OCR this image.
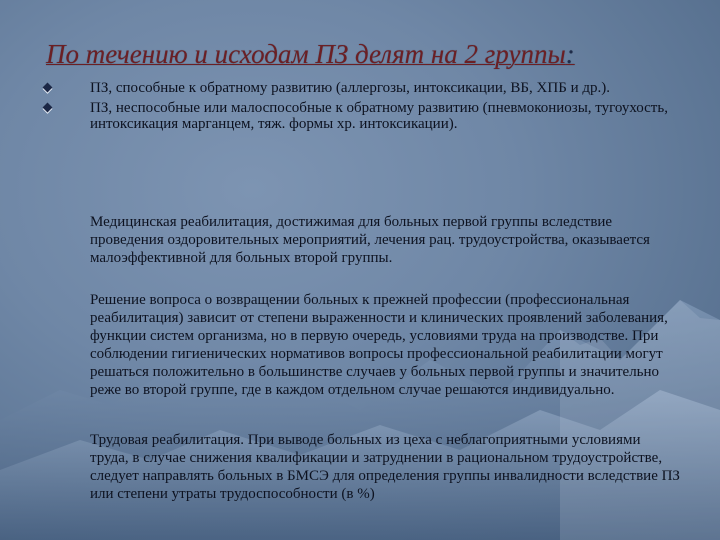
По течению и исходам ПЗ делят на 2 группы:
ПЗ, способные к обратному развитию (аллергозы, интоксикации, ВБ, ХПБ и др.).
ПЗ, неспособные или малоспособные к обратному развитию (пневмокониозы, тугоухость, интоксикация марганцем, тяж. формы хр. интоксикации).

Медицинская реабилитация, достижимая для больных первой группы вследствие проведения оздоровительных мероприятий, лечения рац. трудоустройства, оказывается малоэффективной для больных второй группы.

Решение вопроса о возвращении больных к прежней профессии (профессиональная реабилитация) зависит от степени выраженности и клинических проявлений заболевания, функции систем организма, но в первую очередь, условиями труда на производстве. При соблюдении гигиенических нормативов вопросы профессиональной реабилитации могут решаться положительно в большинстве случаев у больных первой группы и значительно реже во второй группе, где в каждом отдельном случае решаются индивидуально.

Трудовая реабилитация. При выводе больных из цеха с неблагоприятными условиями труда, в случае снижения квалификации и затруднении в рациональном трудоустройстве, следует направлять больных в БМСЭ для определения группы инвалидности вследствие ПЗ или степени утраты трудоспособности (в %)
